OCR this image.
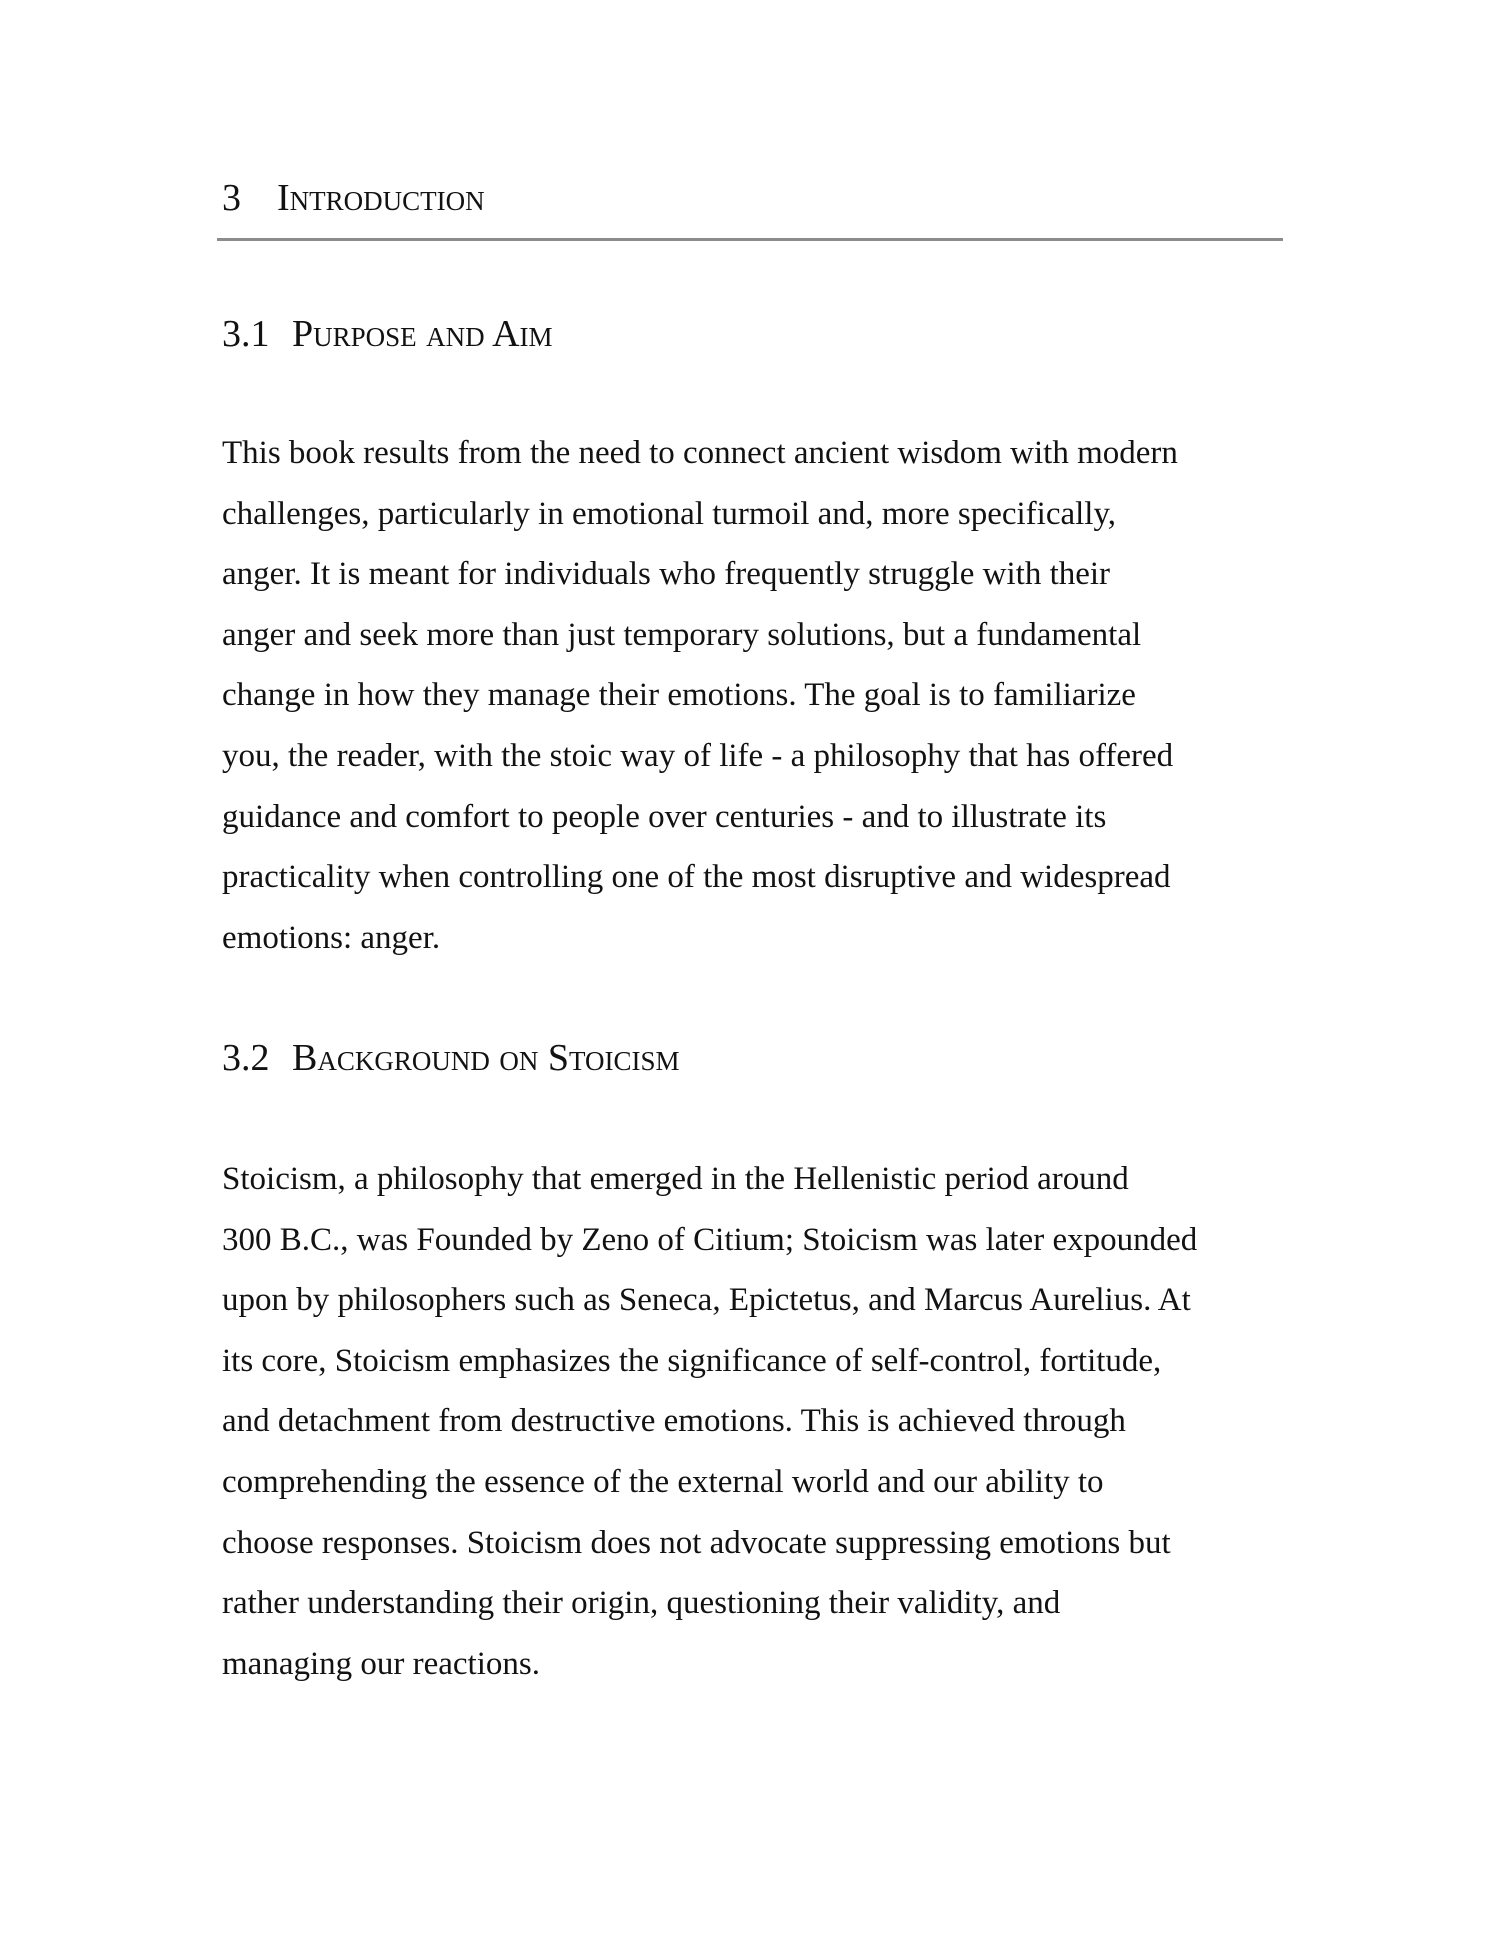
3 Introduction
3.1 Purpose and Aim
This book results from the need to connect ancient wisdom with modern
challenges, particularly in emotional turmoil and, more specifically,
anger. It is meant for individuals who frequently struggle with their
anger and seek more than just temporary solutions, but a fundamental
change in how they manage their emotions. The goal is to familiarize
you, the reader, with the stoic way of life - a philosophy that has offered
guidance and comfort to people over centuries - and to illustrate its
practicality when controlling one of the most disruptive and widespread
emotions: anger.
3.2 Background on Stoicism
Stoicism, a philosophy that emerged in the Hellenistic period around
300 B.C., was Founded by Zeno of Citium; Stoicism was later expounded
upon by philosophers such as Seneca, Epictetus, and Marcus Aurelius. At
its core, Stoicism emphasizes the significance of self-control, fortitude,
and detachment from destructive emotions. This is achieved through
comprehending the essence of the external world and our ability to
choose responses. Stoicism does not advocate suppressing emotions but
rather understanding their origin, questioning their validity, and
managing our reactions.
